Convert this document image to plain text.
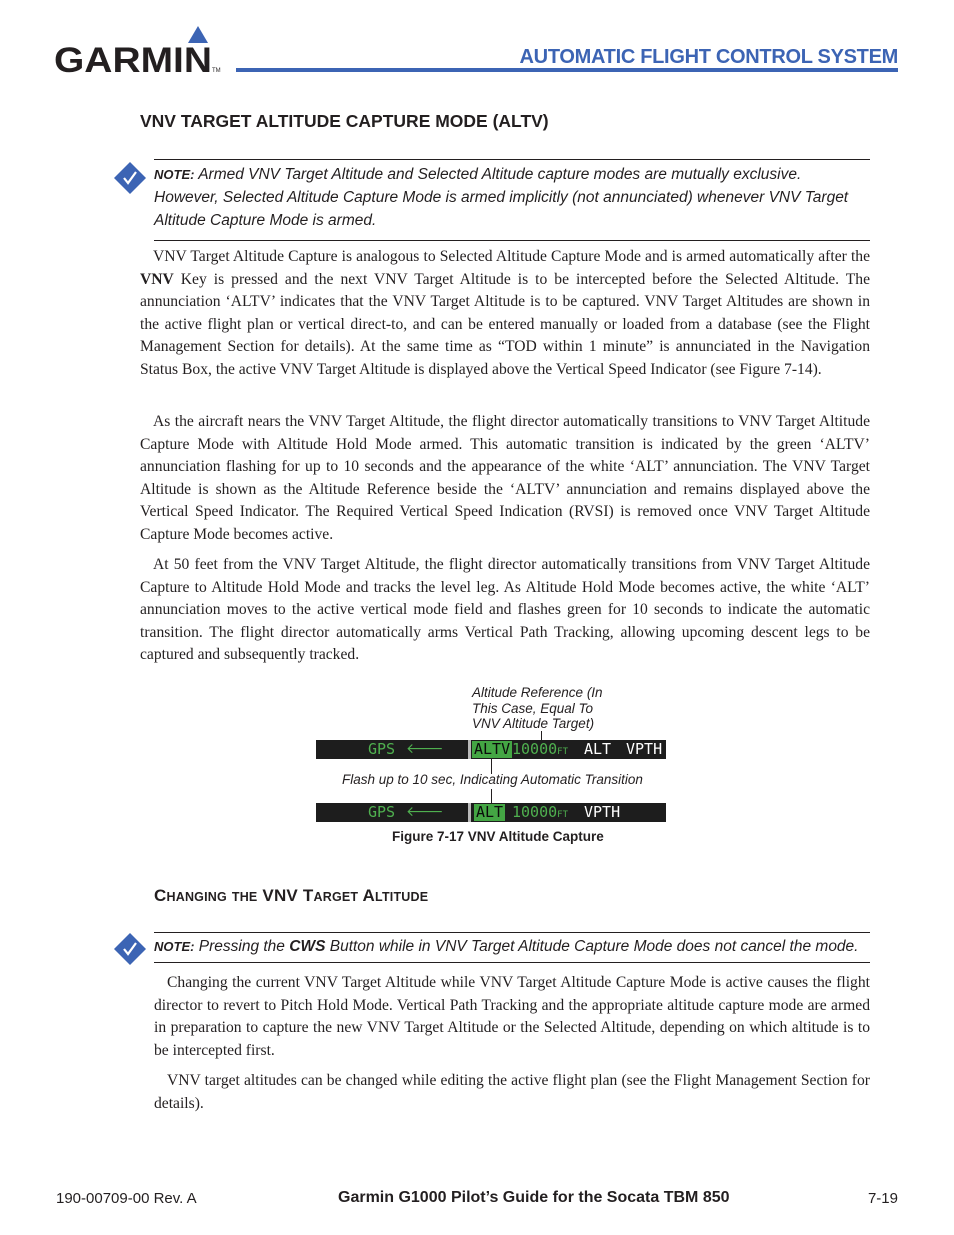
GARMIN TM
AUTOMATIC FLIGHT CONTROL SYSTEM
VNV TARGET ALTITUDE CAPTURE MODE (ALTV)
NOTE: Armed VNV Target Altitude and Selected Altitude capture modes are mutually exclusive. However, Selected Altitude Capture Mode is armed implicitly (not annunciated) whenever VNV Target Altitude Capture Mode is armed.
VNV Target Altitude Capture is analogous to Selected Altitude Capture Mode and is armed automatically after the VNV Key is pressed and the next VNV Target Altitude is to be intercepted before the Selected Altitude. The annunciation ‘ALTV’ indicates that the VNV Target Altitude is to be captured. VNV Target Altitudes are shown in the active flight plan or vertical direct-to, and can be entered manually or loaded from a database (see the Flight Management Section for details). At the same time as “TOD within 1 minute” is annunciated in the Navigation Status Box, the active VNV Target Altitude is displayed above the Vertical Speed Indicator (see Figure 7-14).
As the aircraft nears the VNV Target Altitude, the flight director automatically transitions to VNV Target Altitude Capture Mode with Altitude Hold Mode armed. This automatic transition is indicated by the green ‘ALTV’ annunciation flashing for up to 10 seconds and the appearance of the white ‘ALT’ annunciation. The VNV Target Altitude is shown as the Altitude Reference beside the ‘ALTV’ annunciation and remains displayed above the Vertical Speed Indicator. The Required Vertical Speed Indication (RVSI) is removed once VNV Target Altitude Capture Mode becomes active.
At 50 feet from the VNV Target Altitude, the flight director automatically transitions from VNV Target Altitude Capture to Altitude Hold Mode and tracks the level leg. As Altitude Hold Mode becomes active, the white ‘ALT’ annunciation moves to the active vertical mode field and flashes green for 10 seconds to indicate the automatic transition. The flight director automatically arms Vertical Path Tracking, allowing upcoming descent legs to be captured and subsequently tracked.
Altitude Reference (In
This Case, Equal To
VNV Altitude Target)
GPS 🡐 ALTV 10000FT ALT VPTH
Flash up to 10 sec, Indicating Automatic Transition
GPS 🡐 ALT 10000FT VPTH
Figure 7-17 VNV Altitude Capture
CHANGING THE VNV TARGET ALTITUDE
NOTE: Pressing the CWS Button while in VNV Target Altitude Capture Mode does not cancel the mode.
Changing the current VNV Target Altitude while VNV Target Altitude Capture Mode is active causes the flight director to revert to Pitch Hold Mode. Vertical Path Tracking and the appropriate altitude capture mode are armed in preparation to capture the new VNV Target Altitude or the Selected Altitude, depending on which altitude is to be intercepted first.
VNV target altitudes can be changed while editing the active flight plan (see the Flight Management Section for details).
190-00709-00 Rev. A	Garmin G1000 Pilot’s Guide for the Socata TBM 850	7-19
